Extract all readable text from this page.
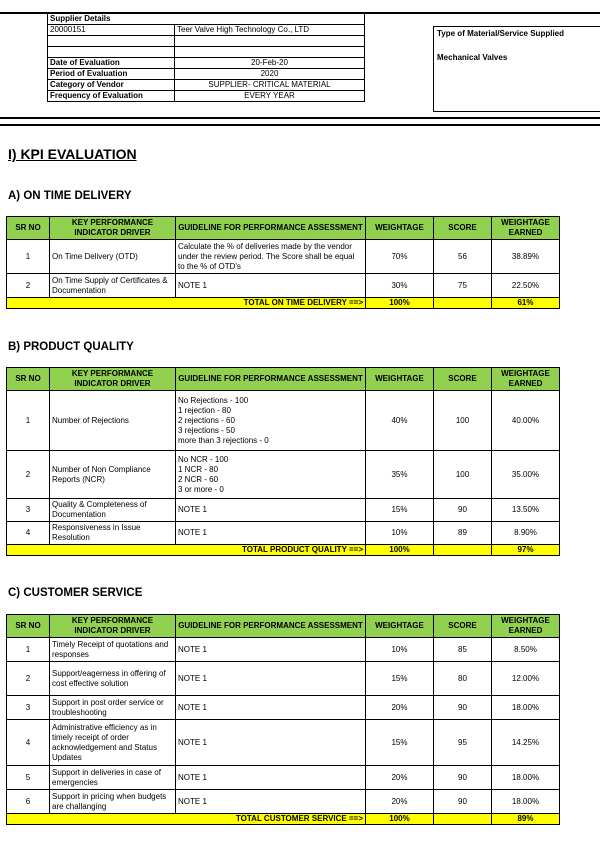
Supplier Details	
20000151	Teer Valve High Technology Co., LTD

Date of Evaluation	20-Feb-20
Period of Evaluation	2020
Category of Vendor	SUPPLIER- CRITICAL MATERIAL
Frequency of Evaluation	EVERY YEAR
Type of Material/Service Supplied
Mechanical Valves
I) KPI EVALUATION
A) ON TIME DELIVERY
SR NO	KEY PERFORMANCE INDICATOR DRIVER	GUIDELINE FOR PERFORMANCE ASSESSMENT	WEIGHTAGE	SCORE	WEIGHTAGE EARNED
1	On Time Delivery (OTD)	Calculate the % of deliveries made by the vendor under the review period. The Score shall be equal to the % of OTD's	70%	56	38.89%
2	On Time Supply of Certificates & Documentation	NOTE 1	30%	75	22.50%
TOTAL ON TIME DELIVERY ==>			100%		61%
B) PRODUCT QUALITY
SR NO	KEY PERFORMANCE INDICATOR DRIVER	GUIDELINE FOR PERFORMANCE ASSESSMENT	WEIGHTAGE	SCORE	WEIGHTAGE EARNED
1	Number of Rejections	No Rejections - 100
1 rejection - 80
2 rejections - 60
3 rejections - 50
more than 3 rejections - 0	40%	100	40.00%
2	Number of Non Compliance Reports (NCR)	No NCR - 100
1 NCR - 80
2 NCR - 60
3 or more - 0	35%	100	35.00%
3	Quality & Completeness of Documentation	NOTE 1	15%	90	13.50%
4	Responsiveness in Issue Resolution	NOTE 1	10%	89	8.90%
TOTAL PRODUCT QUALITY ==>			100%		97%
C) CUSTOMER SERVICE
SR NO	KEY PERFORMANCE INDICATOR DRIVER	GUIDELINE FOR PERFORMANCE ASSESSMENT	WEIGHTAGE	SCORE	WEIGHTAGE EARNED
1	Timely Receipt of quotations and responses	NOTE 1	10%	85	8.50%
2	Support/eagerness in offering of cost effective solution	NOTE 1	15%	80	12.00%
3	Support in post order service or troubleshooting	NOTE 1	20%	90	18.00%
4	Administrative efficiency as in timely receipt of order acknowledgement and Status Updates	NOTE 1	15%	95	14.25%
5	Support in deliveries in case of emergencies	NOTE 1	20%	90	18.00%
6	Support in pricing when budgets are challanging	NOTE 1	20%	90	18.00%
TOTAL CUSTOMER SERVICE ==>			100%		89%
